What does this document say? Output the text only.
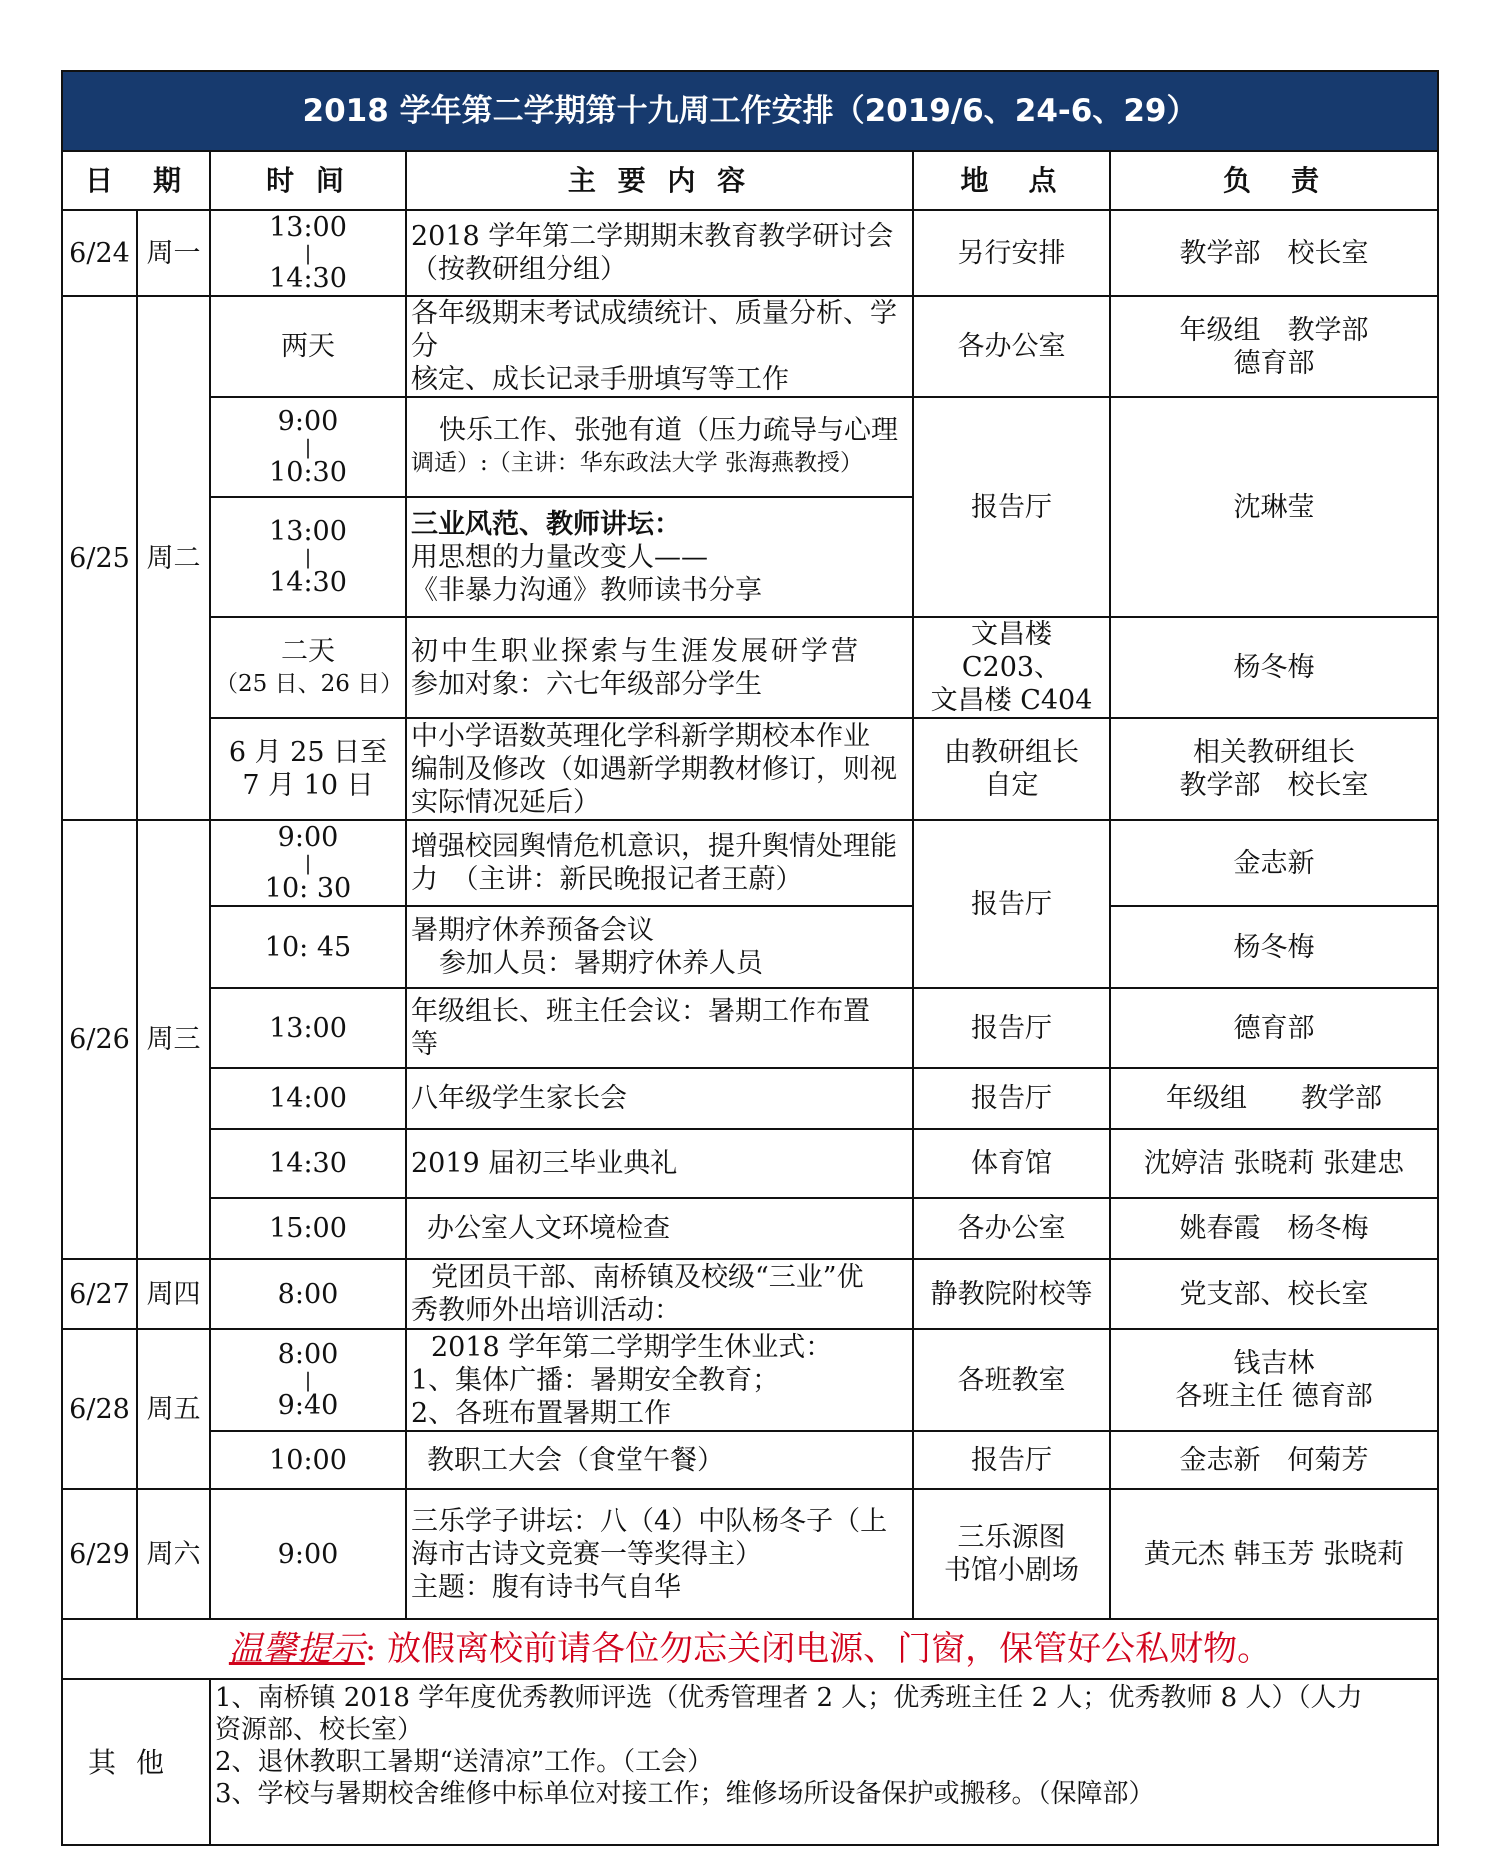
2018 学年第二学期第十九周工作安排（2019/6、24-6、29）					
日　期		时 间	主 要 内 容	地　点	负　责
6/24	周一	13:00
|
14:30	2018 学年第二学期期末教育教学研讨会
（按教研组分组）	另行安排	教学部　校长室
6/25	周二	两天	各年级期末考试成绩统计、质量分析、学分
核定、成长记录手册填写等工作	各办公室	年级组　教学部
德育部

		9:00
|
10:30	快乐工作、张弛有道（压力疏导与心理
调适）:（主讲：华东政法大学 张海燕教授）	报告厅	沈琳莹

		13:00
|
14:30	三业风范、教师讲坛：
用思想的力量改变人——
《非暴力沟通》教师读书分享		

		二天
（25 日、26 日）	初中生职业探索与生涯发展研学营
参加对象：六七年级部分学生	文昌楼 C203、
文昌楼 C404	杨冬梅

		6 月 25 日至
7 月 10 日	中小学语数英理化学科新学期校本作业
编制及修改（如遇新学期教材修订，则视
实际情况延后）	由教研组长
自定	相关教研组长
教学部　校长室

6/26	周三	9:00
|
10: 30	增强校园舆情危机意识，提升舆情处理能
力　（主讲：新民晚报记者王蔚）	报告厅	金志新
		10: 45	暑期疗休养预备会议
参加人员：暑期疗休养人员		杨冬梅
		13:00	年级组长、班主任会议：暑期工作布置
等	报告厅	德育部
		14:00	八年级学生家长会	报告厅	年级组　　教学部
		14:30	2019 届初三毕业典礼	体育馆	沈婷洁 张晓莉 张建忠
		15:00	办公室人文环境检查	各办公室	姚春霞　杨冬梅
6/27	周四	8:00	党团员干部、南桥镇及校级“三业”优
秀教师外出培训活动：	静教院附校等	党支部、校长室
6/28	周五	8:00
|
9:40	2018 学年第二学期学生休业式：
1、集体广播：暑期安全教育；
2、各班布置暑期工作	各班教室	钱吉林
各班主任 德育部

		10:00	教职工大会（食堂午餐）	报告厅	金志新　何菊芳
6/29	周六	9:00	三乐学子讲坛：八（4）中队杨冬子（上
海市古诗文竞赛一等奖得主）
主题：腹有诗书气自华	三乐源图
书馆小剧场	黄元杰 韩玉芳 张晓莉
温馨提示: 放假离校前请各位勿忘关闭电源、门窗，保管好公私财物。					
其他		1、南桥镇 2018 学年度优秀教师评选（优秀管理者 2 人；优秀班主任 2 人；优秀教师 8 人）（人力
资源部、校长室）
2、退休教职工暑期“送清凉”工作。（工会）
3、学校与暑期校舍维修中标单位对接工作；维修场所设备保护或搬移。（保障部）			
